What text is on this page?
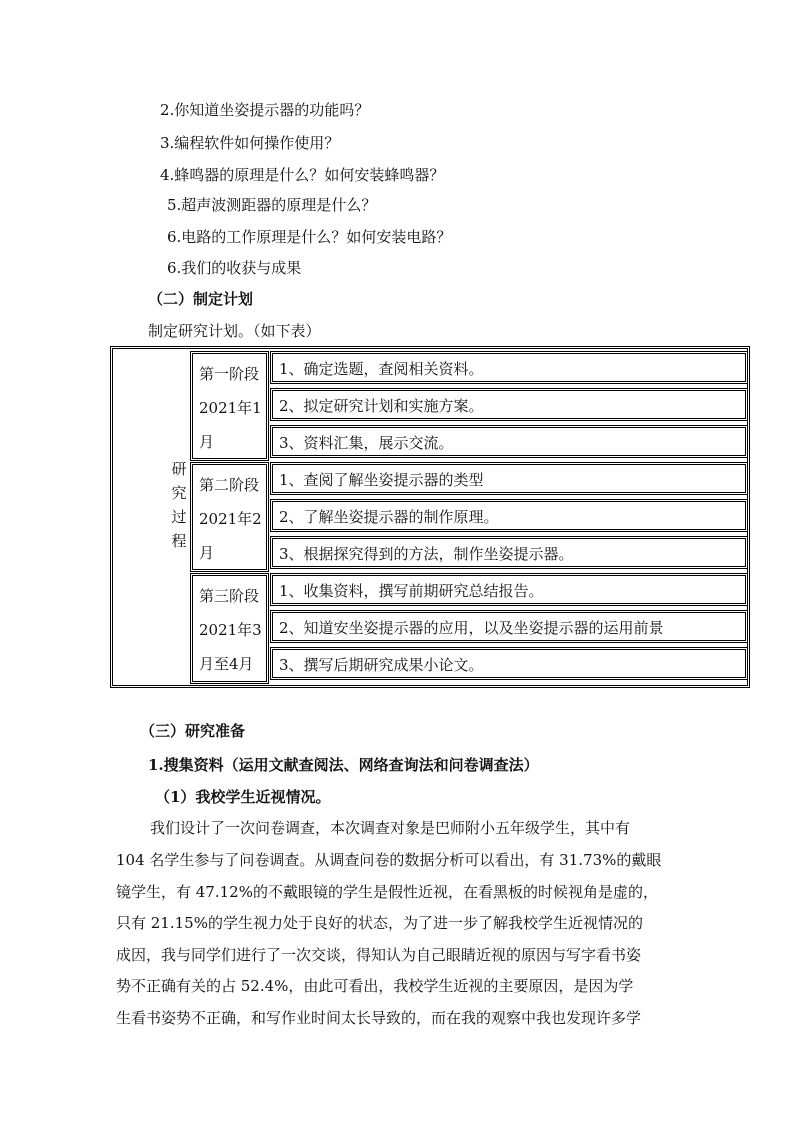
2.你知道坐姿提示器的功能吗？
3.编程软件如何操作使用？
4.蜂鸣器的原理是什么？如何安装蜂鸣器？
5.超声波测距器的原理是什么？
6.电路的工作原理是什么？如何安装电路？
6.我们的收获与成果
（二）制定计划
制定研究计划。（如下表）
研究过程
第一阶段2021年1月
1、确定选题，查阅相关资料。
2、拟定研究计划和实施方案。
3、资料汇集，展示交流。
第二阶段2021年2月
1、查阅了解坐姿提示器的类型
2、了解坐姿提示器的制作原理。
3、根据探究得到的方法，制作坐姿提示器。
第三阶段2021年3月至4月
1、收集资料，撰写前期研究总结报告。
2、知道安坐姿提示器的应用，以及坐姿提示器的运用前景
3、撰写后期研究成果小论文。
（三）研究准备
1.搜集资料（运用文献查阅法、网络查询法和问卷调查法）
（1）我校学生近视情况。
我们设计了一次问卷调查，本次调查对象是巴师附小五年级学生，其中有
104 名学生参与了问卷调查。从调查问卷的数据分析可以看出，有 31.73%的戴眼
镜学生，有 47.12%的不戴眼镜的学生是假性近视，在看黑板的时候视角是虚的，
只有 21.15%的学生视力处于良好的状态，为了进一步了解我校学生近视情况的
成因，我与同学们进行了一次交谈，得知认为自己眼睛近视的原因与写字看书姿
势不正确有关的占 52.4%，由此可看出，我校学生近视的主要原因，是因为学
生看书姿势不正确，和写作业时间太长导致的，而在我的观察中我也发现许多学
